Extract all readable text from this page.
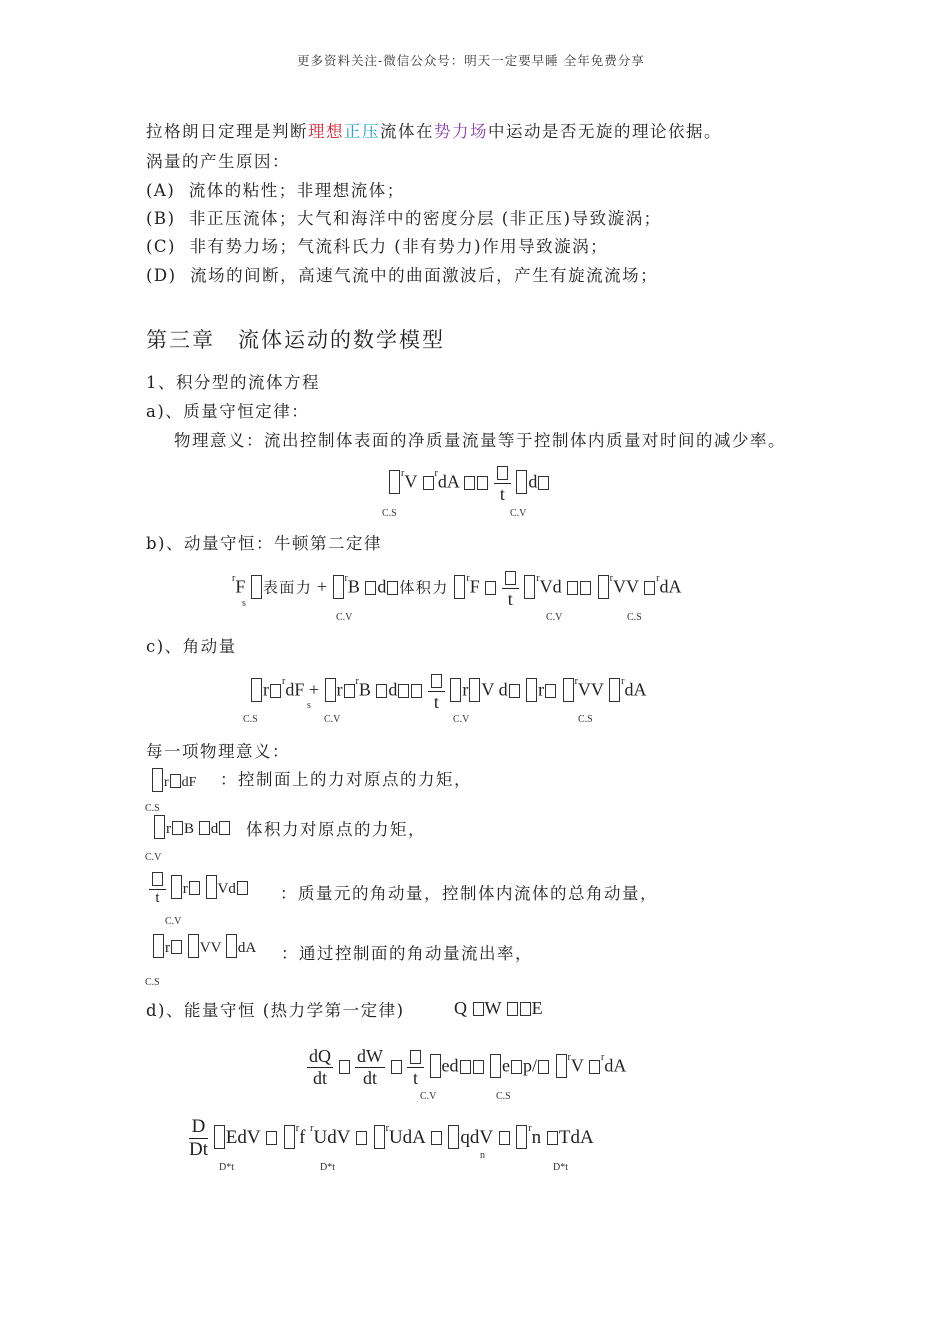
更多资料关注-微信公众号：明天一定要早睡 全年免费分享
拉格朗日定理是判断理想正压流体在势力场中运动是否无旋的理论依据。
涡量的产生原因：
(A) 流体的粘性；非理想流体；
(B) 非正压流体；大气和海洋中的密度分层 (非正压)导致漩涡；
(C) 非有势力场；气流科氏力 (非有势力)作用导致漩涡；
(D) 流场的间断，高速气流中的曲面激波后，产生有旋流流场；
第三章　流体运动的数学模型
1、积分型的流体方程
a)、质量守恒定律：
物理意义：流出控制体表面的净质量流量等于控制体内质量对时间的减少率。
$^r$V $^r$dA
t
d
C.S	C.V
b)、动量守恒：牛顿第二定律
$^r$F 表面力 + $^r$B d 体积力 $^r$F
t
$^r$Vd	$^r$VV $^r$dA
s
C.V	C.V	C.S
c)、角动量
r $^r$dF + r $^r$B d
t
r V d r	$^r$VV $^r$dA
C.S
s
C.V	C.V	C.S
每一项物理意义：
r dF ：控制面上的力对原点的力矩，
C.S
r B d	体积力对原点的力矩，
C.V
t
r Vd	：质量元的角动量，控制体内流体的总角动量，
C.V
r VV dA ：通过控制面的角动量流出率，
C.S
d)、能量守恒 (热力学第一定律)	Q W E
$\frac{dQ}{dt}$
$\frac{dW}{dt}$
	t
ed e p/	$^r$V $^r$dA
C.V	C.S
$\frac{D}{Dt}$ EdV	$^r$f $^r$UdV	$^r$UdA qdV	$^r$n TdA
D*t	D*t
n
D*t
